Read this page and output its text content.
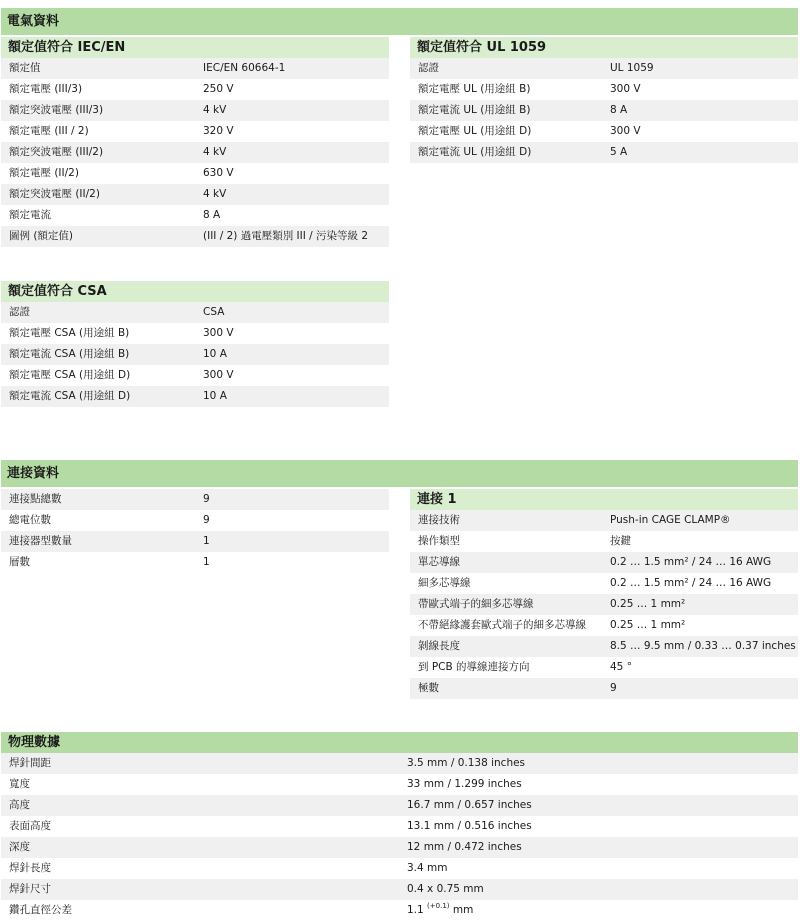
電氣資料
連接資料
額定值符合 IEC/EN
額定值	IEC/EN 60664-1
額定電壓 (III/3)	250 V
額定突波電壓 (III/3)	4 kV
額定電壓 (III / 2)	320 V
額定突波電壓 (III/2)	4 kV
額定電壓 (II/2)	630 V
額定突波電壓 (II/2)	4 kV
額定電流	8 A
圖例 (額定值)	(III / 2) 過電壓類別 III / 污染等級 2
額定值符合 UL 1059
認證	UL 1059
額定電壓 UL (用途組 B)	300 V
額定電流 UL (用途組 B)	8 A
額定電壓 UL (用途組 D)	300 V
額定電流 UL (用途組 D)	5 A
額定值符合 CSA
認證	CSA
額定電壓 CSA (用途組 B)	300 V
額定電流 CSA (用途組 B)	10 A
額定電壓 CSA (用途組 D)	300 V
額定電流 CSA (用途組 D)	10 A
連接點總數	9
總電位數	9
連接器型數量	1
層數	1
連接 1
連接技術	Push-in CAGE CLAMP®
操作類型	按鍵
單芯導線	0.2 … 1.5 mm² / 24 … 16 AWG
細多芯導線	0.2 … 1.5 mm² / 24 … 16 AWG
帶歐式端子的細多芯導線	0.25 … 1 mm²
不帶絕緣護套歐式端子的細多芯導線 0.25 … 1 mm²
剝線長度	8.5 … 9.5 mm / 0.33 … 0.37 inches
到 PCB 的導線連接方向	45 °
極數	9
物理數據
焊針間距	3.5 mm / 0.138 inches
寬度	33 mm / 1.299 inches
高度	16.7 mm / 0.657 inches
表面高度	13.1 mm / 0.516 inches
深度	12 mm / 0.472 inches
焊針長度	3.4 mm
焊針尺寸	0.4 x 0.75 mm
鑽孔直徑公差	1.1 $^{(+0.1)}$ mm
